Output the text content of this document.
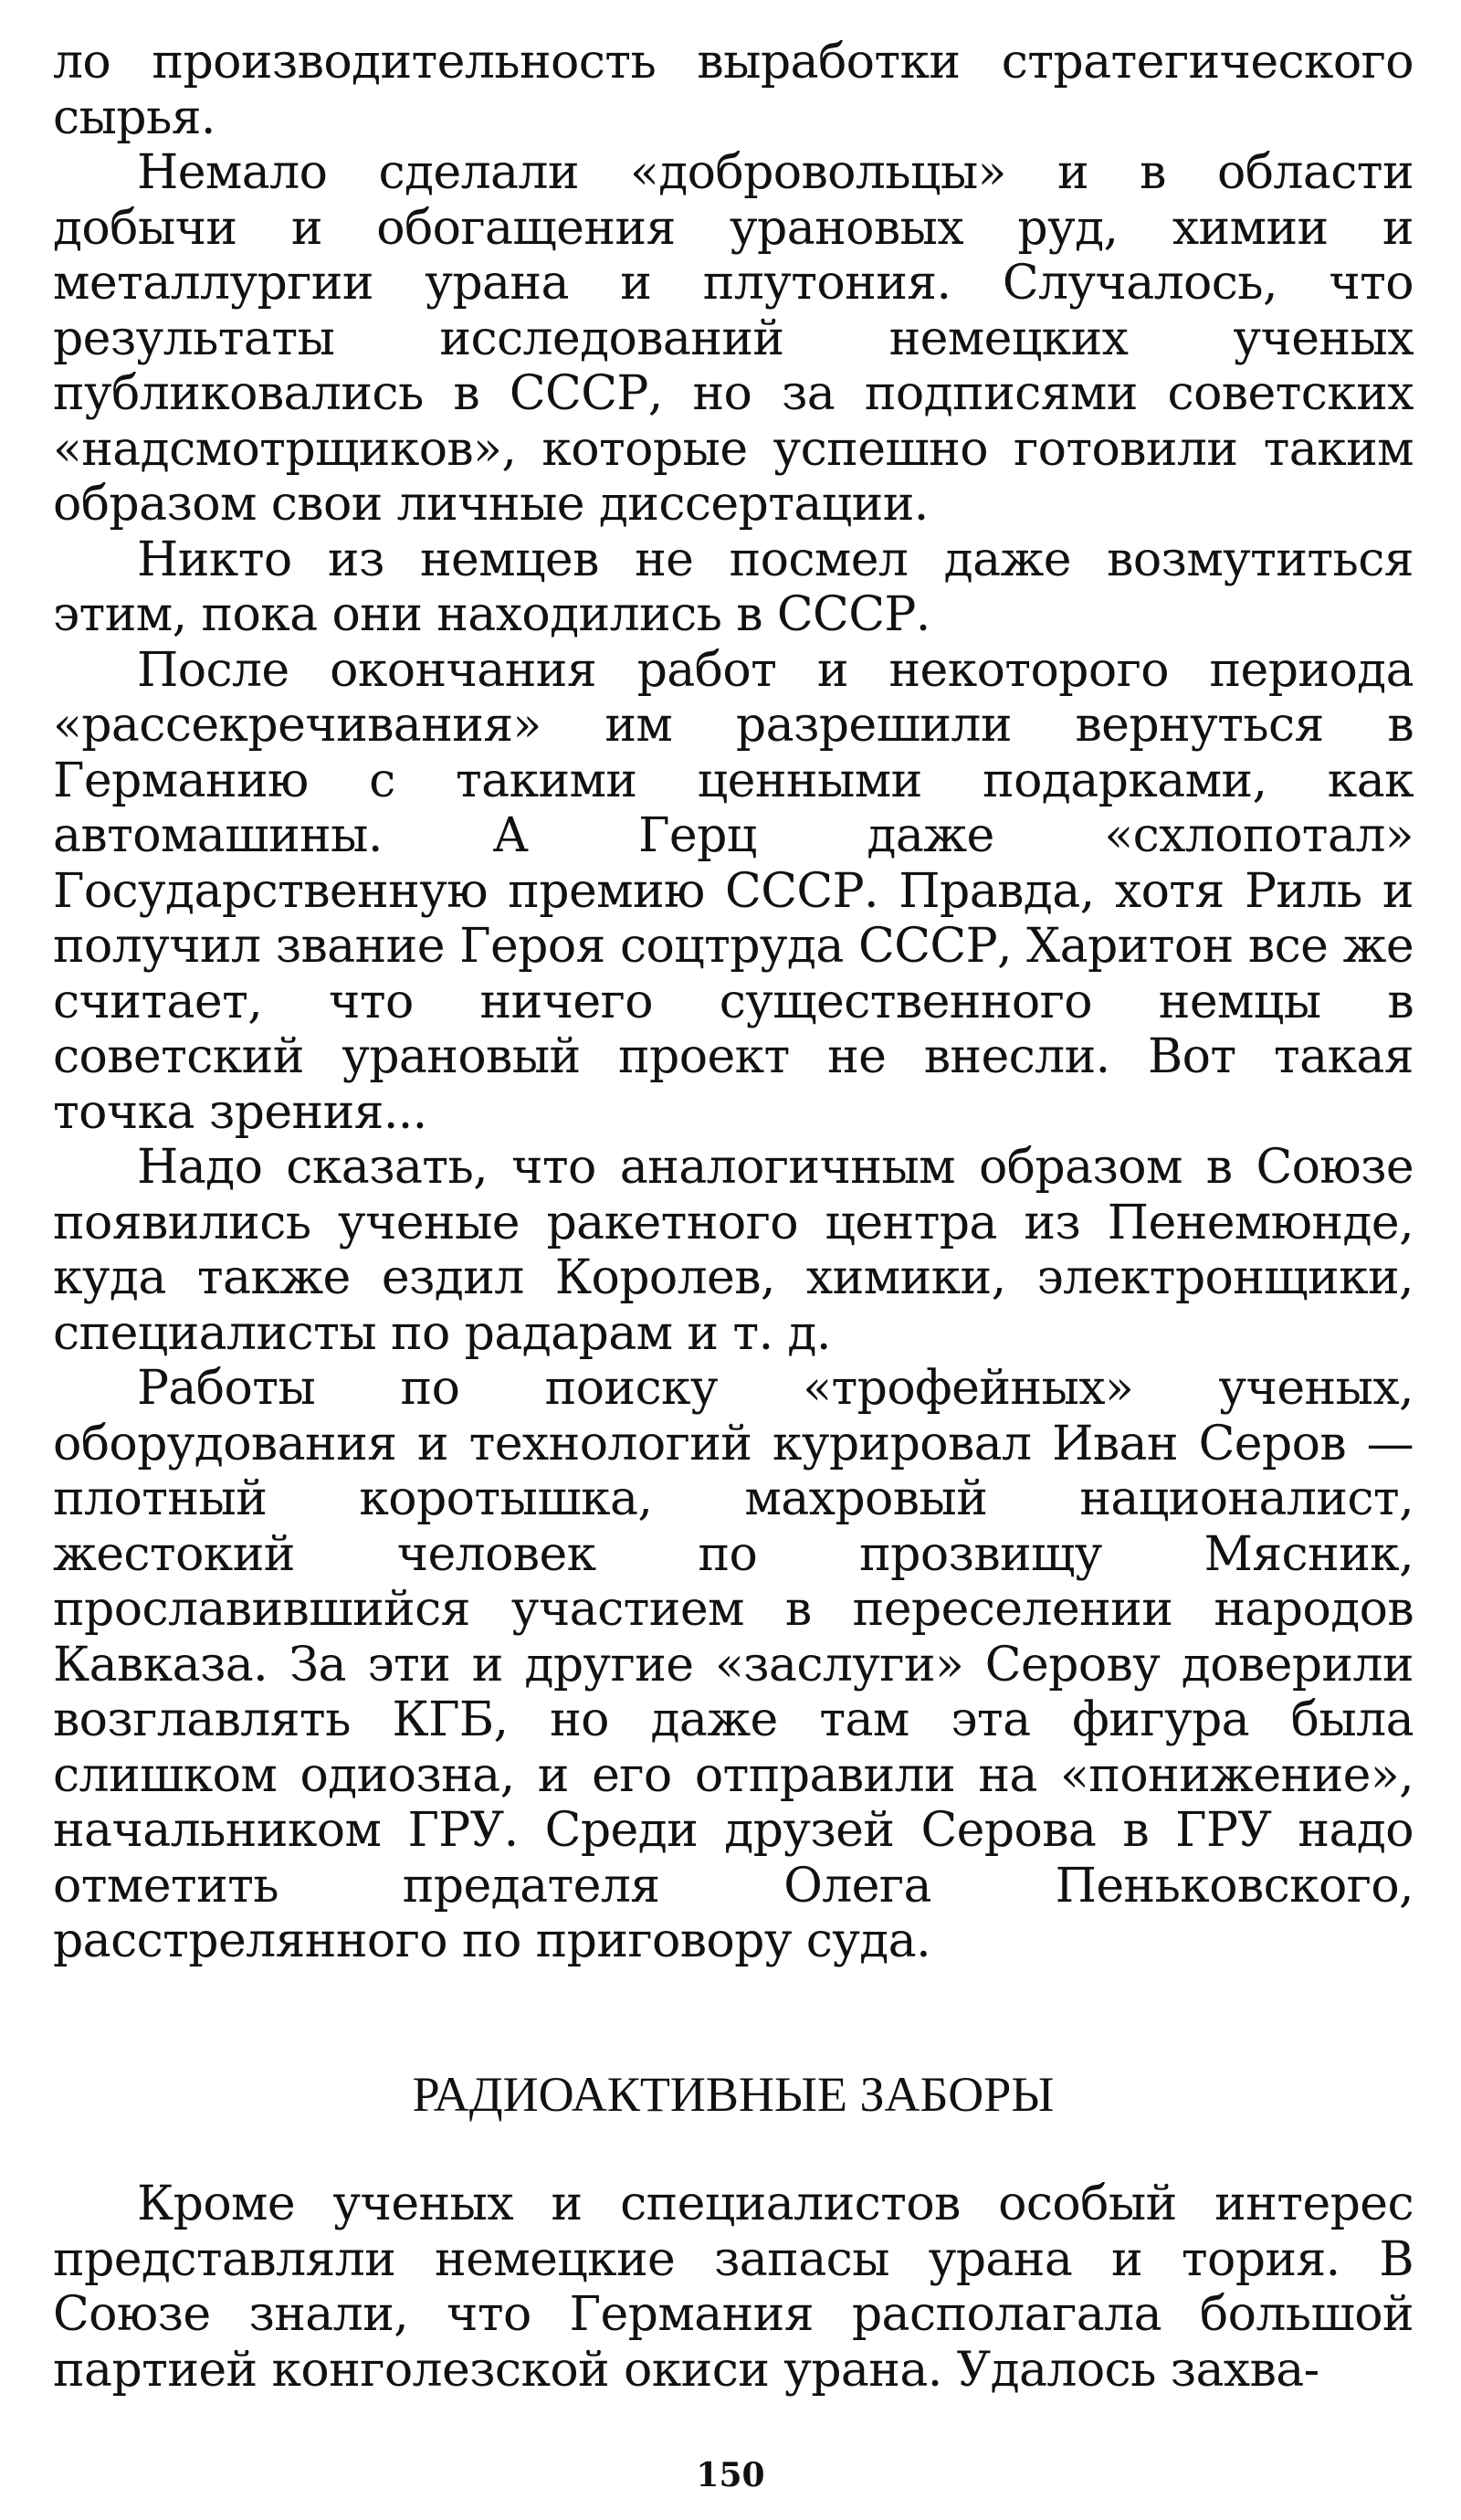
ло производительность выработки стратегического сырья.

Немало сделали «добровольцы» и в области добычи и обогащения урановых руд, химии и металлургии урана и плутония. Случалось, что результаты исследований немецких ученых публиковались в СССР, но за подписями советских «надсмотрщиков», которые успешно готовили таким образом свои личные диссертации.

Никто из немцев не посмел даже возмутиться этим, пока они находились в СССР.

После окончания работ и некоторого периода «рассекречивания» им разрешили вернуться в Германию с такими ценными подарками, как автомашины. А Герц даже «схлопотал» Государственную премию СССР. Правда, хотя Риль и получил звание Героя соцтруда СССР, Харитон все же считает, что ничего существенного немцы в советский урановый проект не внесли. Вот такая точка зрения...

Надо сказать, что аналогичным образом в Союзе появились ученые ракетного центра из Пенемюнде, куда также ездил Королев, химики, электронщики, специалисты по радарам и т. д.

Работы по поиску «трофейных» ученых, оборудования и технологий курировал Иван Серов — плотный коротышка, махровый националист, жестокий человек по прозвищу Мясник, прославившийся участием в переселении народов Кавказа. За эти и другие «заслуги» Серову доверили возглавлять КГБ, но даже там эта фигура была слишком одиозна, и его отправили на «понижение», начальником ГРУ. Среди друзей Серова в ГРУ надо отметить предателя Олега Пеньковского, расстрелянного по приговору суда.

РАДИОАКТИВНЫЕ ЗАБОРЫ

Кроме ученых и специалистов особый интерес представляли немецкие запасы урана и тория. В Союзе знали, что Германия располагала большой партией конголезской окиси урана. Удалось захва-

150
